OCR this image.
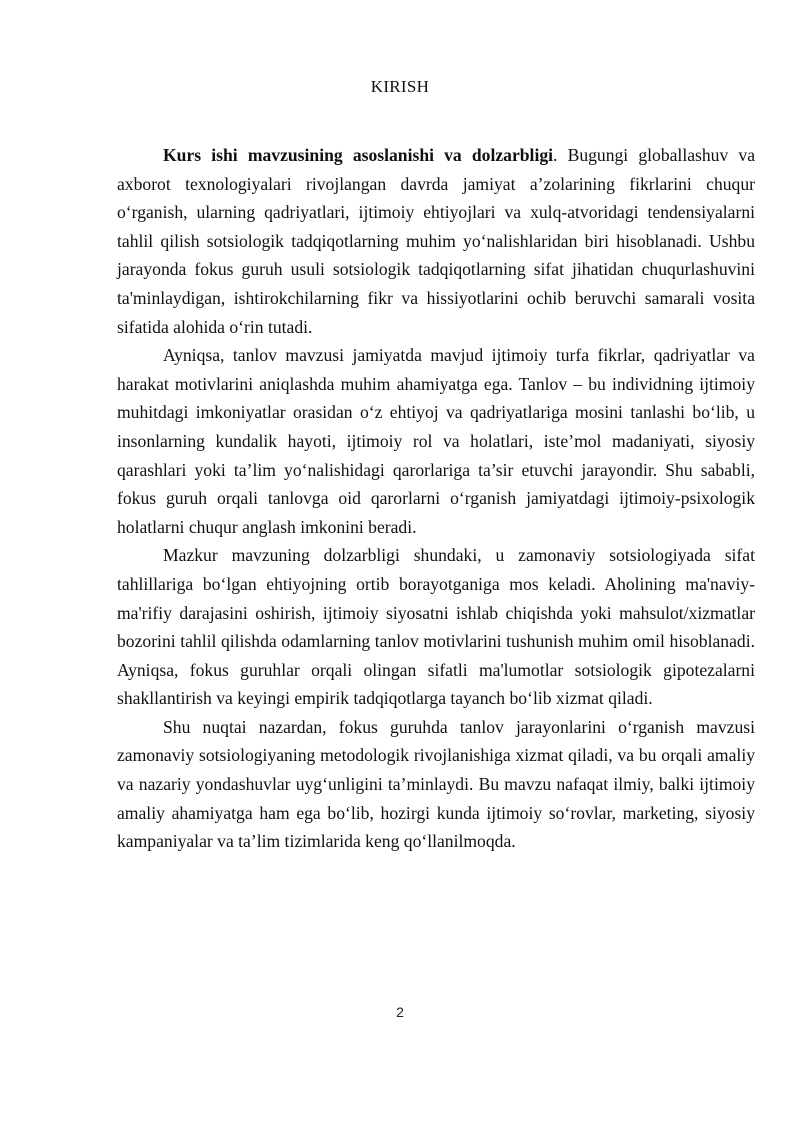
KIRISH

Kurs ishi mavzusining asoslanishi va dolzarbligi. Bugungi globallashuv va axborot texnologiyalari rivojlangan davrda jamiyat a’zolarining fikrlarini chuqur o‘rganish, ularning qadriyatlari, ijtimoiy ehtiyojlari va xulq-atvoridagi tendensiyalarni tahlil qilish sotsiologik tadqiqotlarning muhim yo‘nalishlaridan biri hisoblanadi. Ushbu jarayonda fokus guruh usuli sotsiologik tadqiqotlarning sifat jihatidan chuqurlashuvini ta'minlaydigan, ishtirokchilarning fikr va hissiyotlarini ochib beruvchi samarali vosita sifatida alohida o‘rin tutadi.

Ayniqsa, tanlov mavzusi jamiyatda mavjud ijtimoiy turfa fikrlar, qadriyatlar va harakat motivlarini aniqlashda muhim ahamiyatga ega. Tanlov – bu individning ijtimoiy muhitdagi imkoniyatlar orasidan o‘z ehtiyoj va qadriyatlariga mosini tanlashi bo‘lib, u insonlarning kundalik hayoti, ijtimoiy rol va holatlari, iste’mol madaniyati, siyosiy qarashlari yoki ta’lim yo‘nalishidagi qarorlariga ta’sir etuvchi jarayondir. Shu sababli, fokus guruh orqali tanlovga oid qarorlarni o‘rganish jamiyatdagi ijtimoiy-psixologik holatlarni chuqur anglash imkonini beradi.

Mazkur mavzuning dolzarbligi shundaki, u zamonaviy sotsiologiyada sifat tahlillariga bo‘lgan ehtiyojning ortib borayotganiga mos keladi. Aholining ma'naviy-ma'rifiy darajasini oshirish, ijtimoiy siyosatni ishlab chiqishda yoki mahsulot/xizmatlar bozorini tahlil qilishda odamlarning tanlov motivlarini tushunish muhim omil hisoblanadi. Ayniqsa, fokus guruhlar orqali olingan sifatli ma'lumotlar sotsiologik gipotezalarni shakllantirish va keyingi empirik tadqiqotlarga tayanch bo‘lib xizmat qiladi.

Shu nuqtai nazardan, fokus guruhda tanlov jarayonlarini o‘rganish mavzusi zamonaviy sotsiologiyaning metodologik rivojlanishiga xizmat qiladi, va bu orqali amaliy va nazariy yondashuvlar uyg‘unligini ta’minlaydi. Bu mavzu nafaqat ilmiy, balki ijtimoiy amaliy ahamiyatga ham ega bo‘lib, hozirgi kunda ijtimoiy so‘rovlar, marketing, siyosiy kampaniyalar va ta’lim tizimlarida keng qo‘llanilmoqda.

2
